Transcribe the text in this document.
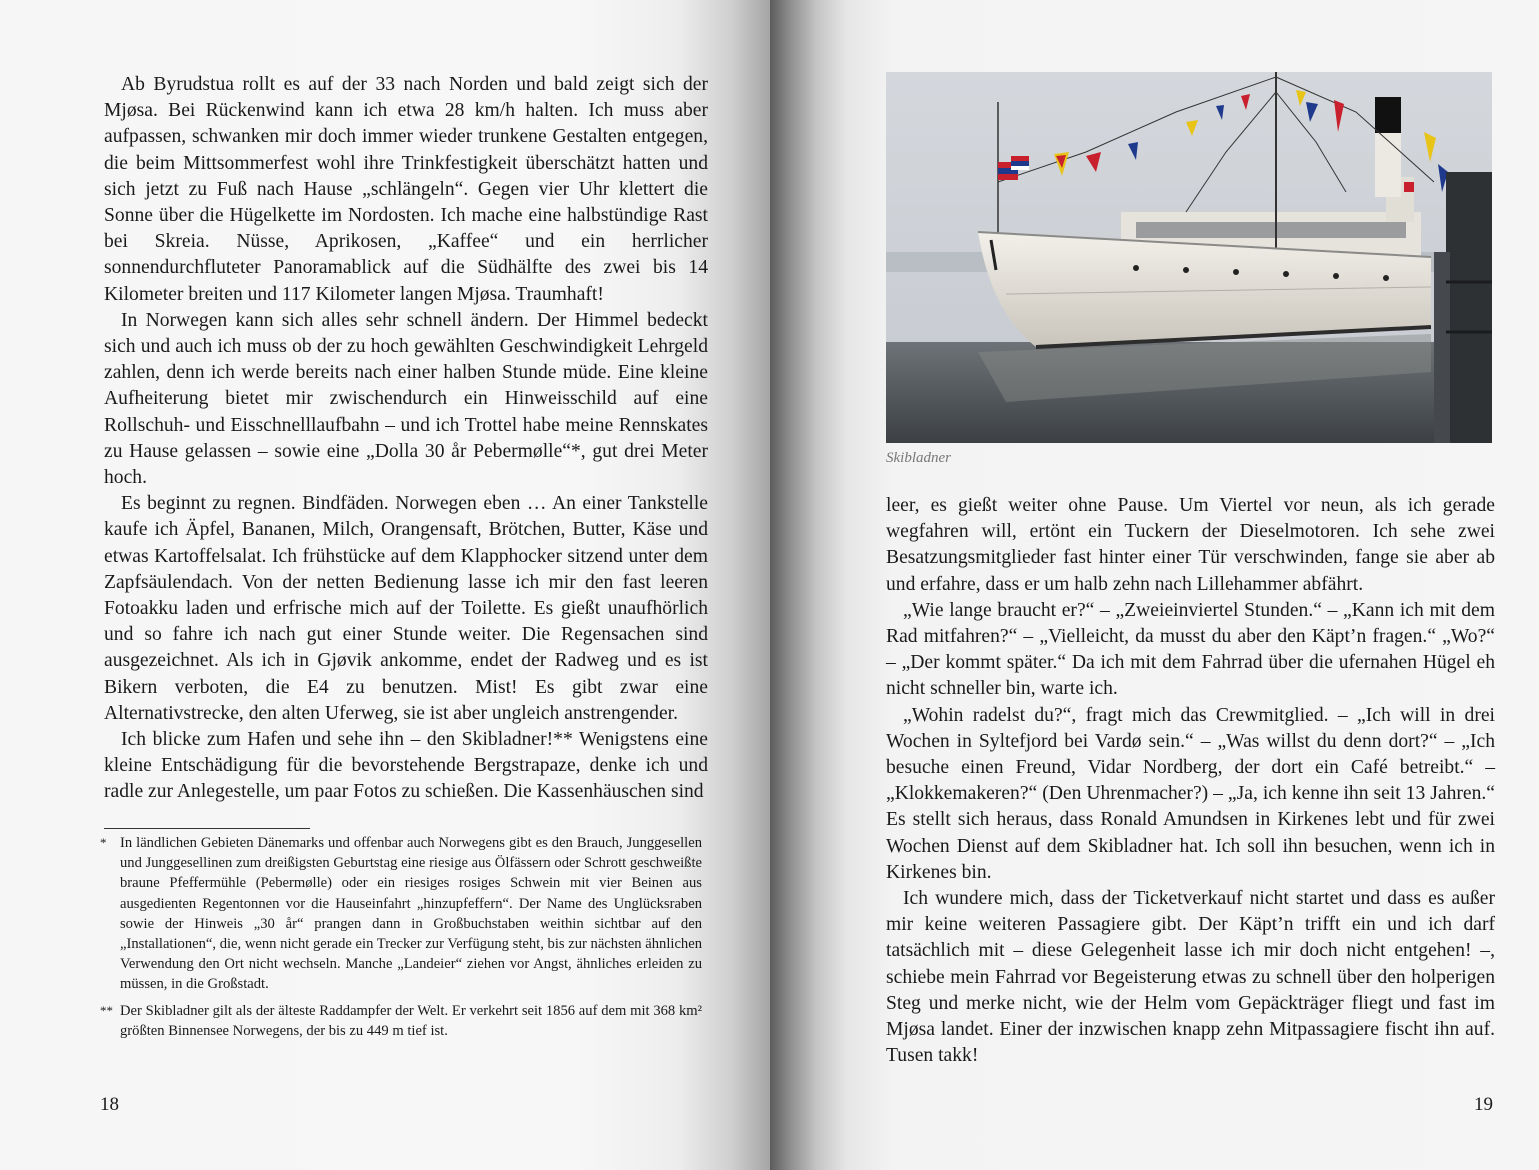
Ab Byrudstua rollt es auf der 33 nach Norden und bald zeigt sich der Mjøsa. Bei Rückenwind kann ich etwa 28 km/h halten. Ich muss aber aufpassen, schwanken mir doch immer wieder trunkene Gestalten entgegen, die beim Mittsommerfest wohl ihre Trinkfestigkeit überschätzt hatten und sich jetzt zu Fuß nach Hause „schlängeln“. Gegen vier Uhr klettert die Sonne über die Hügelkette im Nordosten. Ich mache eine halbstündige Rast bei Skreia. Nüsse, Aprikosen, „Kaffee“ und ein herrlicher sonnendurchfluteter Panoramablick auf die Südhälfte des zwei bis 14 Kilometer breiten und 117 Kilometer langen Mjøsa. Traumhaft!

In Norwegen kann sich alles sehr schnell ändern. Der Himmel bedeckt sich und auch ich muss ob der zu hoch gewählten Geschwindigkeit Lehrgeld zahlen, denn ich werde bereits nach einer halben Stunde müde. Eine kleine Aufheiterung bietet mir zwischendurch ein Hinweisschild auf eine Rollschuh- und Eisschnelllaufbahn – und ich Trottel habe meine Rennskates zu Hause gelassen – sowie eine „Dolla 30 år Pebermølle“*, gut drei Meter hoch.

Es beginnt zu regnen. Bindfäden. Norwegen eben … An einer Tankstelle kaufe ich Äpfel, Bananen, Milch, Orangensaft, Brötchen, Butter, Käse und etwas Kartoffelsalat. Ich frühstücke auf dem Klapphocker sitzend unter dem Zapfsäulendach. Von der netten Bedienung lasse ich mir den fast leeren Fotoakku laden und erfrische mich auf der Toilette. Es gießt unaufhörlich und so fahre ich nach gut einer Stunde weiter. Die Regensachen sind ausgezeichnet. Als ich in Gjøvik ankomme, endet der Radweg und es ist Bikern verboten, die E4 zu benutzen. Mist! Es gibt zwar eine Alternativstrecke, den alten Uferweg, sie ist aber ungleich anstrengender.

Ich blicke zum Hafen und sehe ihn – den Skibladner!** Wenigstens eine kleine Entschädigung für die bevorstehende Bergstrapaze, denke ich und radle zur Anlegestelle, um paar Fotos zu schießen. Die Kassenhäuschen sind

* In ländlichen Gebieten Dänemarks und offenbar auch Norwegens gibt es den Brauch, Junggesellen und Junggesellinen zum dreißigsten Geburtstag eine riesige aus Ölfässern oder Schrott geschweißte braune Pfeffermühle (Pebermølle) oder ein riesiges rosiges Schwein mit vier Beinen aus ausgedienten Regentonnen vor die Hauseinfahrt „hinzupfeffern“. Der Name des Unglücksraben sowie der Hinweis „30 år“ prangen dann in Großbuchstaben weithin sichtbar auf den „Installationen“, die, wenn nicht gerade ein Trecker zur Verfügung steht, bis zur nächsten ähnlichen Verwendung den Ort nicht wechseln. Manche „Landeier“ ziehen vor Angst, ähnliches erleiden zu müssen, in die Großstadt.
** Der Skibladner gilt als der älteste Raddampfer der Welt. Er verkehrt seit 1856 auf dem mit 368 km² größten Binnensee Norwegens, der bis zu 449 m tief ist.
18
Skibladner

leer, es gießt weiter ohne Pause. Um Viertel vor neun, als ich gerade wegfahren will, ertönt ein Tuckern der Dieselmotoren. Ich sehe zwei Besatzungsmitglieder fast hinter einer Tür verschwinden, fange sie aber ab und erfahre, dass er um halb zehn nach Lillehammer abfährt.

„Wie lange braucht er?“ – „Zweieinviertel Stunden.“ – „Kann ich mit dem Rad mitfahren?“ – „Vielleicht, da musst du aber den Käpt’n fragen.“ „Wo?“ – „Der kommt später.“ Da ich mit dem Fahrrad über die ufernahen Hügel eh nicht schneller bin, warte ich.

„Wohin radelst du?“, fragt mich das Crewmitglied. – „Ich will in drei Wochen in Syltefjord bei Vardø sein.“ – „Was willst du denn dort?“ – „Ich besuche einen Freund, Vidar Nordberg, der dort ein Café betreibt.“ – „Klokkemakeren?“ (Den Uhrenmacher?) – „Ja, ich kenne ihn seit 13 Jahren.“ Es stellt sich heraus, dass Ronald Amundsen in Kirkenes lebt und für zwei Wochen Dienst auf dem Skibladner hat. Ich soll ihn besuchen, wenn ich in Kirkenes bin.

Ich wundere mich, dass der Ticketverkauf nicht startet und dass es außer mir keine weiteren Passagiere gibt. Der Käpt’n trifft ein und ich darf tatsächlich mit – diese Gelegenheit lasse ich mir doch nicht entgehen! –, schiebe mein Fahrrad vor Begeisterung etwas zu schnell über den holperigen Steg und merke nicht, wie der Helm vom Gepäckträger fliegt und fast im Mjøsa landet. Einer der inzwischen knapp zehn Mitpassagiere fischt ihn auf. Tusen takk!

19
